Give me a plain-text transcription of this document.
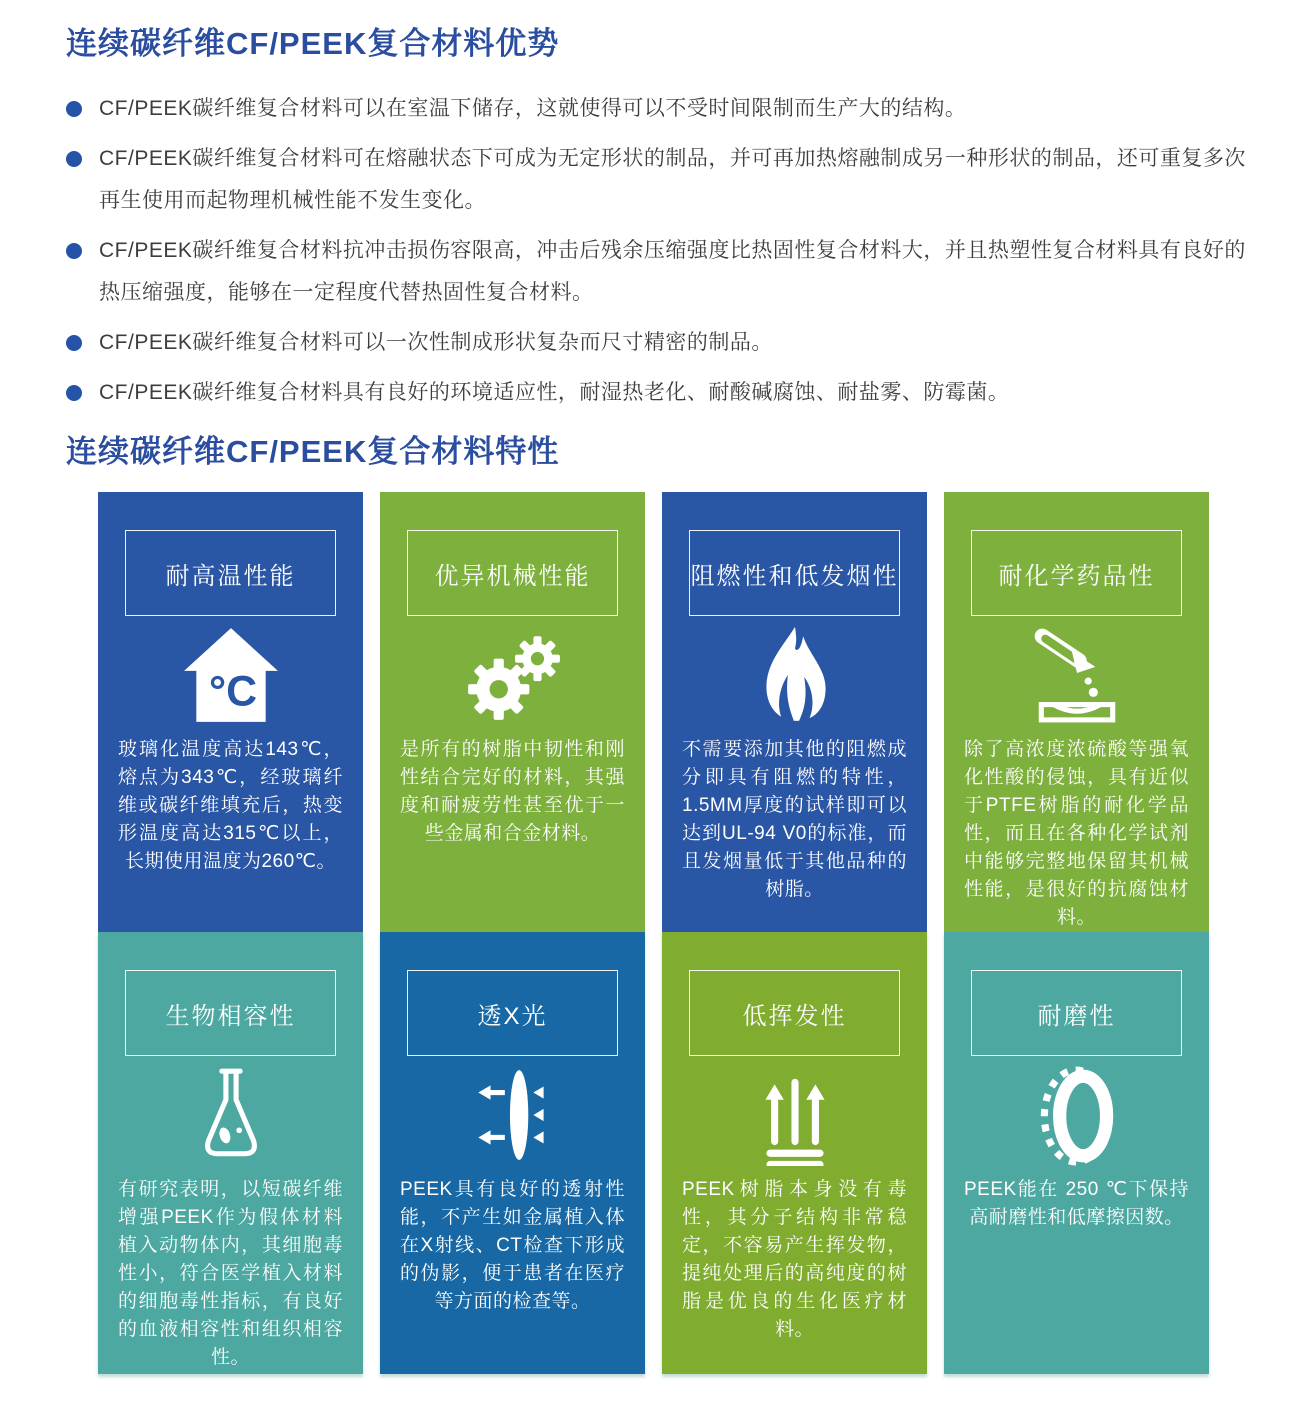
连续碳纤维CF/PEEK复合材料优势
CF/PEEK碳纤维复合材料可以在室温下储存，这就使得可以不受时间限制而生产大的结构。
CF/PEEK碳纤维复合材料可在熔融状态下可成为无定形状的制品，并可再加热熔融制成另一种形状的制品，还可重复多次再生使用而起物理机械性能不发生变化。
CF/PEEK碳纤维复合材料抗冲击损伤容限高，冲击后残余压缩强度比热固性复合材料大，并且热塑性复合材料具有良好的热压缩强度，能够在一定程度代替热固性复合材料。
CF/PEEK碳纤维复合材料可以一次性制成形状复杂而尺寸精密的制品。
CF/PEEK碳纤维复合材料具有良好的环境适应性，耐湿热老化、耐酸碱腐蚀、耐盐雾、防霉菌。
连续碳纤维CF/PEEK复合材料特性
耐高温性能
°C
玻璃化温度高达143℃，熔点为343℃，经玻璃纤维或碳纤维填充后，热变形温度高达315℃以上，长期使用温度为260℃。
优异机械性能
是所有的树脂中韧性和刚性结合完好的材料，其强度和耐疲劳性甚至优于一些金属和合金材料。
阻燃性和低发烟性
不需要添加其他的阻燃成分即具有阻燃的特性，1.5MM厚度的试样即可以达到UL-94 V0的标准，而且发烟量低于其他品种的树脂。
耐化学药品性
除了高浓度浓硫酸等强氧化性酸的侵蚀，具有近似于PTFE树脂的耐化学品性，而且在各种化学试剂中能够完整地保留其机械性能，是很好的抗腐蚀材料。
生物相容性
有研究表明，以短碳纤维增强PEEK作为假体材料植入动物体内，其细胞毒性小，符合医学植入材料的细胞毒性指标，有良好的血液相容性和组织相容性。
透X光
PEEK具有良好的透射性能，不产生如金属植入体在X射线、CT检查下形成的伪影，便于患者在医疗等方面的检查等。
低挥发性
PEEK树脂本身没有毒性，其分子结构非常稳定，不容易产生挥发物，提纯处理后的高纯度的树脂是优良的生化医疗材料。
耐磨性
PEEK能在 250 ℃下保持高耐磨性和低摩擦因数。
